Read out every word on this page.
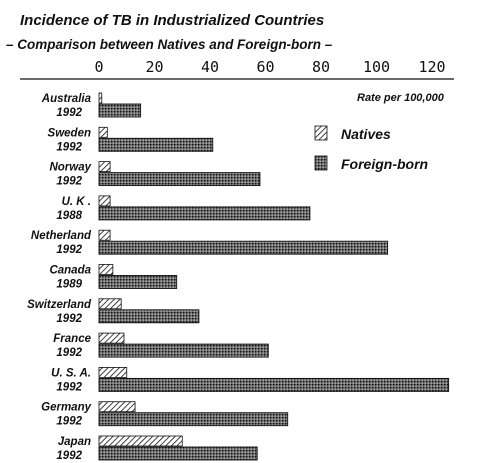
Incidence of TB in Industrialized Countries
– Comparison between Natives and Foreign-born –
0	20 40 60 80 100 120
Rate per 100,000
Natives
Foreign-born
Australia
1992
Sweden
1992
Norway
1992
U. K .
1988
Netherland
1992
Canada
1989
Switzerland
1992
France
1992
U. S. A.
1992
Germany
1992
Japan
1992
